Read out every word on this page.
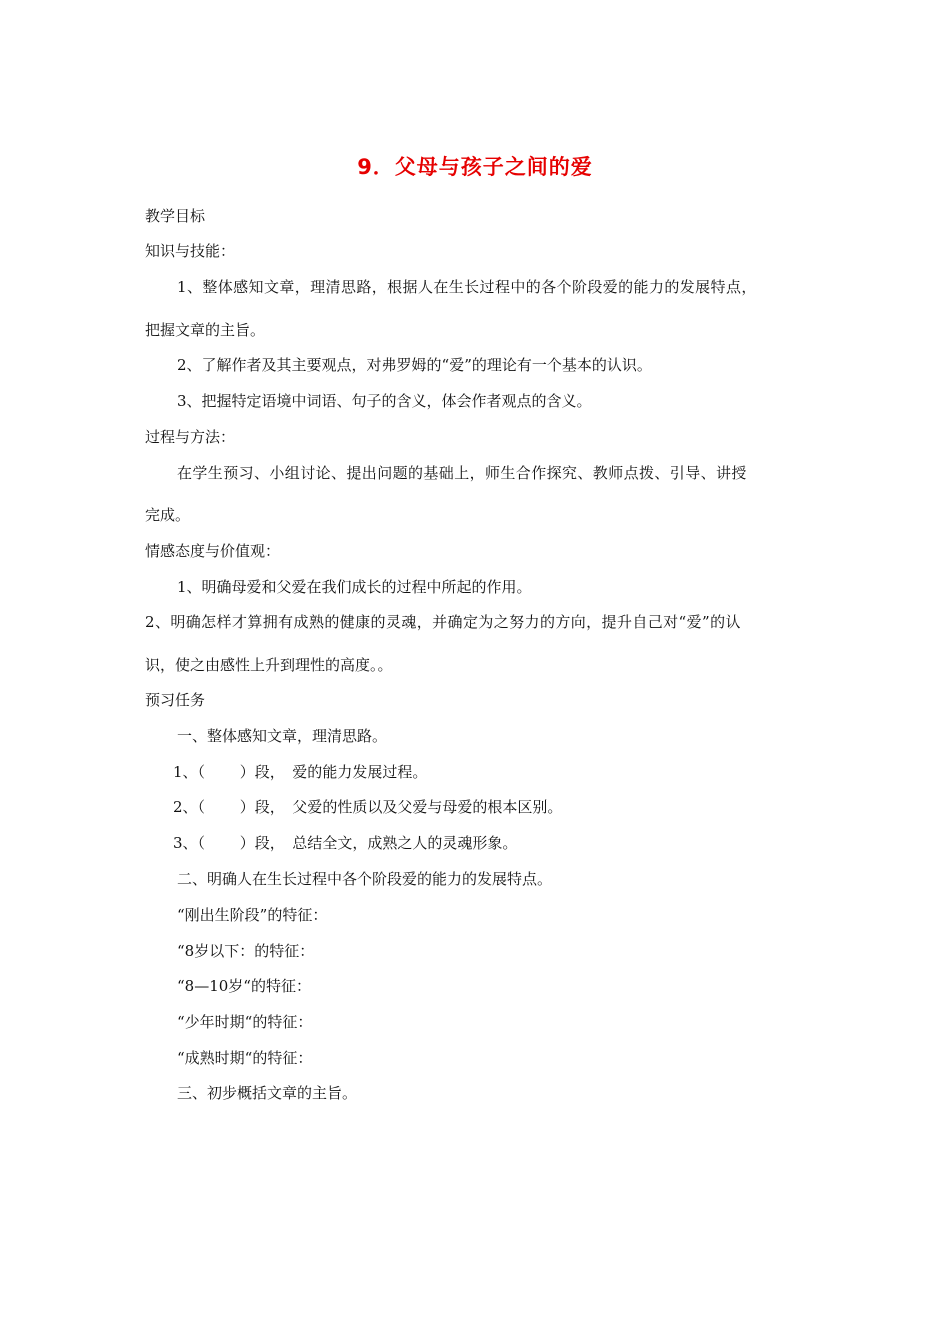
9．父母与孩子之间的爱
教学目标
知识与技能：
1、整体感知文章，理清思路，根据人在生长过程中的各个阶段爱的能力的发展特点，
把握文章的主旨。
2、了解作者及其主要观点，对弗罗姆的“爱”的理论有一个基本的认识。
3、把握特定语境中词语、句子的含义，体会作者观点的含义。
过程与方法：
在学生预习、小组讨论、提出问题的基础上，师生合作探究、教师点拨、引导、讲授
完成。
情感态度与价值观：
1、明确母爱和父爱在我们成长的过程中所起的作用。
2、明确怎样才算拥有成熟的健康的灵魂，并确定为之努力的方向，提升自己对“爱”的认
识，使之由感性上升到理性的高度。。
预习任务
一、整体感知文章，理清思路。
1、（　　 ）段，　爱的能力发展过程。
2、（　　 ）段，　父爱的性质以及父爱与母爱的根本区别。
3、（　　 ）段，　总结全文，成熟之人的灵魂形象。
二、明确人在生长过程中各个阶段爱的能力的发展特点。
“刚出生阶段”的特征：
“8岁以下：的特征：
“8—10岁“的特征：
“少年时期“的特征：
“成熟时期“的特征：
三、初步概括文章的主旨。
